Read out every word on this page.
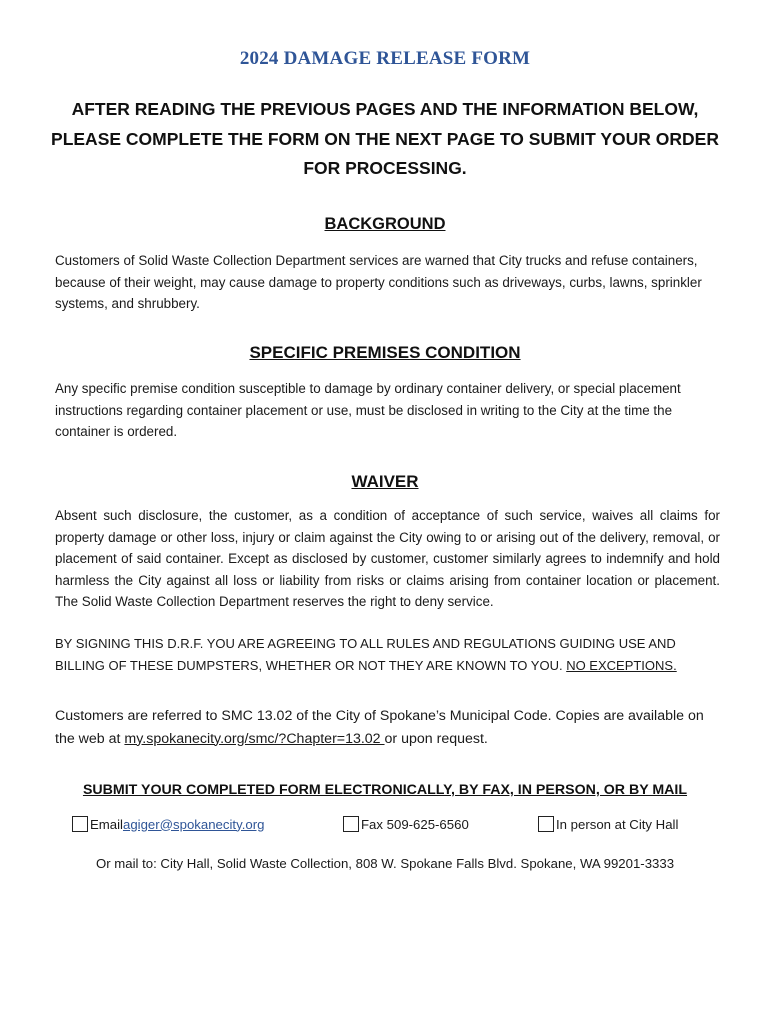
2024 DAMAGE RELEASE FORM
AFTER READING THE PREVIOUS PAGES AND THE INFORMATION BELOW, PLEASE COMPLETE THE FORM ON THE NEXT PAGE TO SUBMIT YOUR ORDER FOR PROCESSING.
BACKGROUND
Customers of Solid Waste Collection Department services are warned that City trucks and refuse containers, because of their weight, may cause damage to property conditions such as driveways, curbs, lawns, sprinkler systems, and shrubbery.
SPECIFIC PREMISES CONDITION
Any specific premise condition susceptible to damage by ordinary container delivery, or special placement instructions regarding container placement or use, must be disclosed in writing to the City at the time the container is ordered.
WAIVER
Absent such disclosure, the customer, as a condition of acceptance of such service, waives all claims for property damage or other loss, injury or claim against the City owing to or arising out of the delivery, removal, or placement of said container. Except as disclosed by customer, customer similarly agrees to indemnify and hold harmless the City against all loss or liability from risks or claims arising from container location or placement. The Solid Waste Collection Department reserves the right to deny service.
BY SIGNING THIS D.R.F. YOU ARE AGREEING TO ALL RULES AND REGULATIONS GUIDING USE AND BILLING OF THESE DUMPSTERS, WHETHER OR NOT THEY ARE KNOWN TO YOU. NO EXCEPTIONS.
Customers are referred to SMC 13.02 of the City of Spokane’s Municipal Code. Copies are available on the web at my.spokanecity.org/smc/?Chapter=13.02 or upon request.
SUBMIT YOUR COMPLETED FORM ELECTRONICALLY, BY FAX, IN PERSON, OR BY MAIL
Email agiger@spokanecity.org	Fax 509-625-6560	In person at City Hall
Or mail to: City Hall, Solid Waste Collection, 808 W. Spokane Falls Blvd. Spokane, WA 99201-3333
